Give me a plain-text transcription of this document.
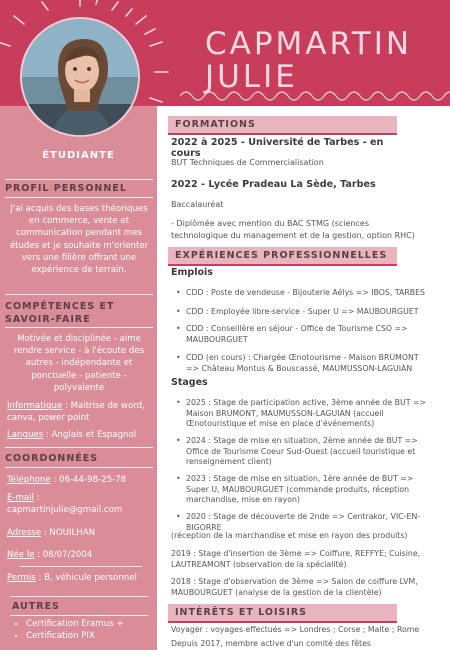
CAPMARTIN
JULIE
ÉTUDIANTE
PROFIL PERSONNEL
J'ai acquis des bases théoriques en commerce, vente et communication pendant mes études et je souhaite m'orienter vers une filière offrant une expérience de terrain.
COMPÉTENCES ET SAVOIR-FAIRE
Motivée et disciplinée - aime rendre service - à l'écoute des autres - indépendante et ponctuelle - patiente - polyvalente
Informatique : Maitrise de word, canva, power point
Langues : Anglais et Espagnol
COORDONNÉES
Téléphone : 06-44-98-25-78
E-mail :
capmartinjulie@gmail.com
Adresse : NOUILHAN
Née le : 08/07/2004
Permis : B, véhicule personnel
AUTRES
• Certification Eramus +
• Certification PIX
FORMATIONS
2022 à 2025 - Université de Tarbes - en cours
BUT Techniques de Commercialisation
2022 - Lycée Pradeau La Sède, Tarbes
Baccalauréat
- Diplômée avec mention du BAC STMG (sciences technologique du management et de la gestion, option RHC)
EXPÉRIENCES PROFESSIONNELLES
Emplois
• CDD : Poste de vendeuse - Bijouterie Aélys => IBOS, TARBES
• CDD : Employée libre-service - Super U => MAUBOURGUET
• CDD : Conseillère en séjour - Office de Tourisme CSO => MAUBOURGUET
• CDD (en cours) : Chargée Œnotourisme - Maison BRUMONT => Château Montus & Bouscassé, MAUMUSSON-LAGUIAN
Stages
• 2025 : Stage de participation active, 3ème année de BUT => Maison BRUMONT, MAUMUSSON-LAGUIAN (accueil Œnotouristique et mise en place d'événements)
• 2024 : Stage de mise en situation, 2ème année de BUT => Office de Tourisme Coeur Sud-Ouest (accueil touristique et renseignement client)
• 2023 : Stage de mise en situation, 1ère année de BUT => Super U, MAUBOURGUET (commande produits, réception marchandise, mise en rayon)
• 2020 : Stage de découverte de 2nde => Centrakor, VIC-EN-BIGORRE
(réception de la marchandise et mise en rayon des produits)
2019 : Stage d'insertion de 3ème => Coiffure, REFFYE; Cuisine, LAUTREAMONT (observation de la spécialité)
2018 : Stage d'observation de 3ème => Salon de coiffure LVM, MAUBOURGUET (analyse de la gestion de la clientèle)
INTÉRÊTS ET LOISIRS
Voyager : voyages effectués => Londres ; Corse ; Malte ; Rome
Depuis 2017, membre active d'un comité des fêtes
